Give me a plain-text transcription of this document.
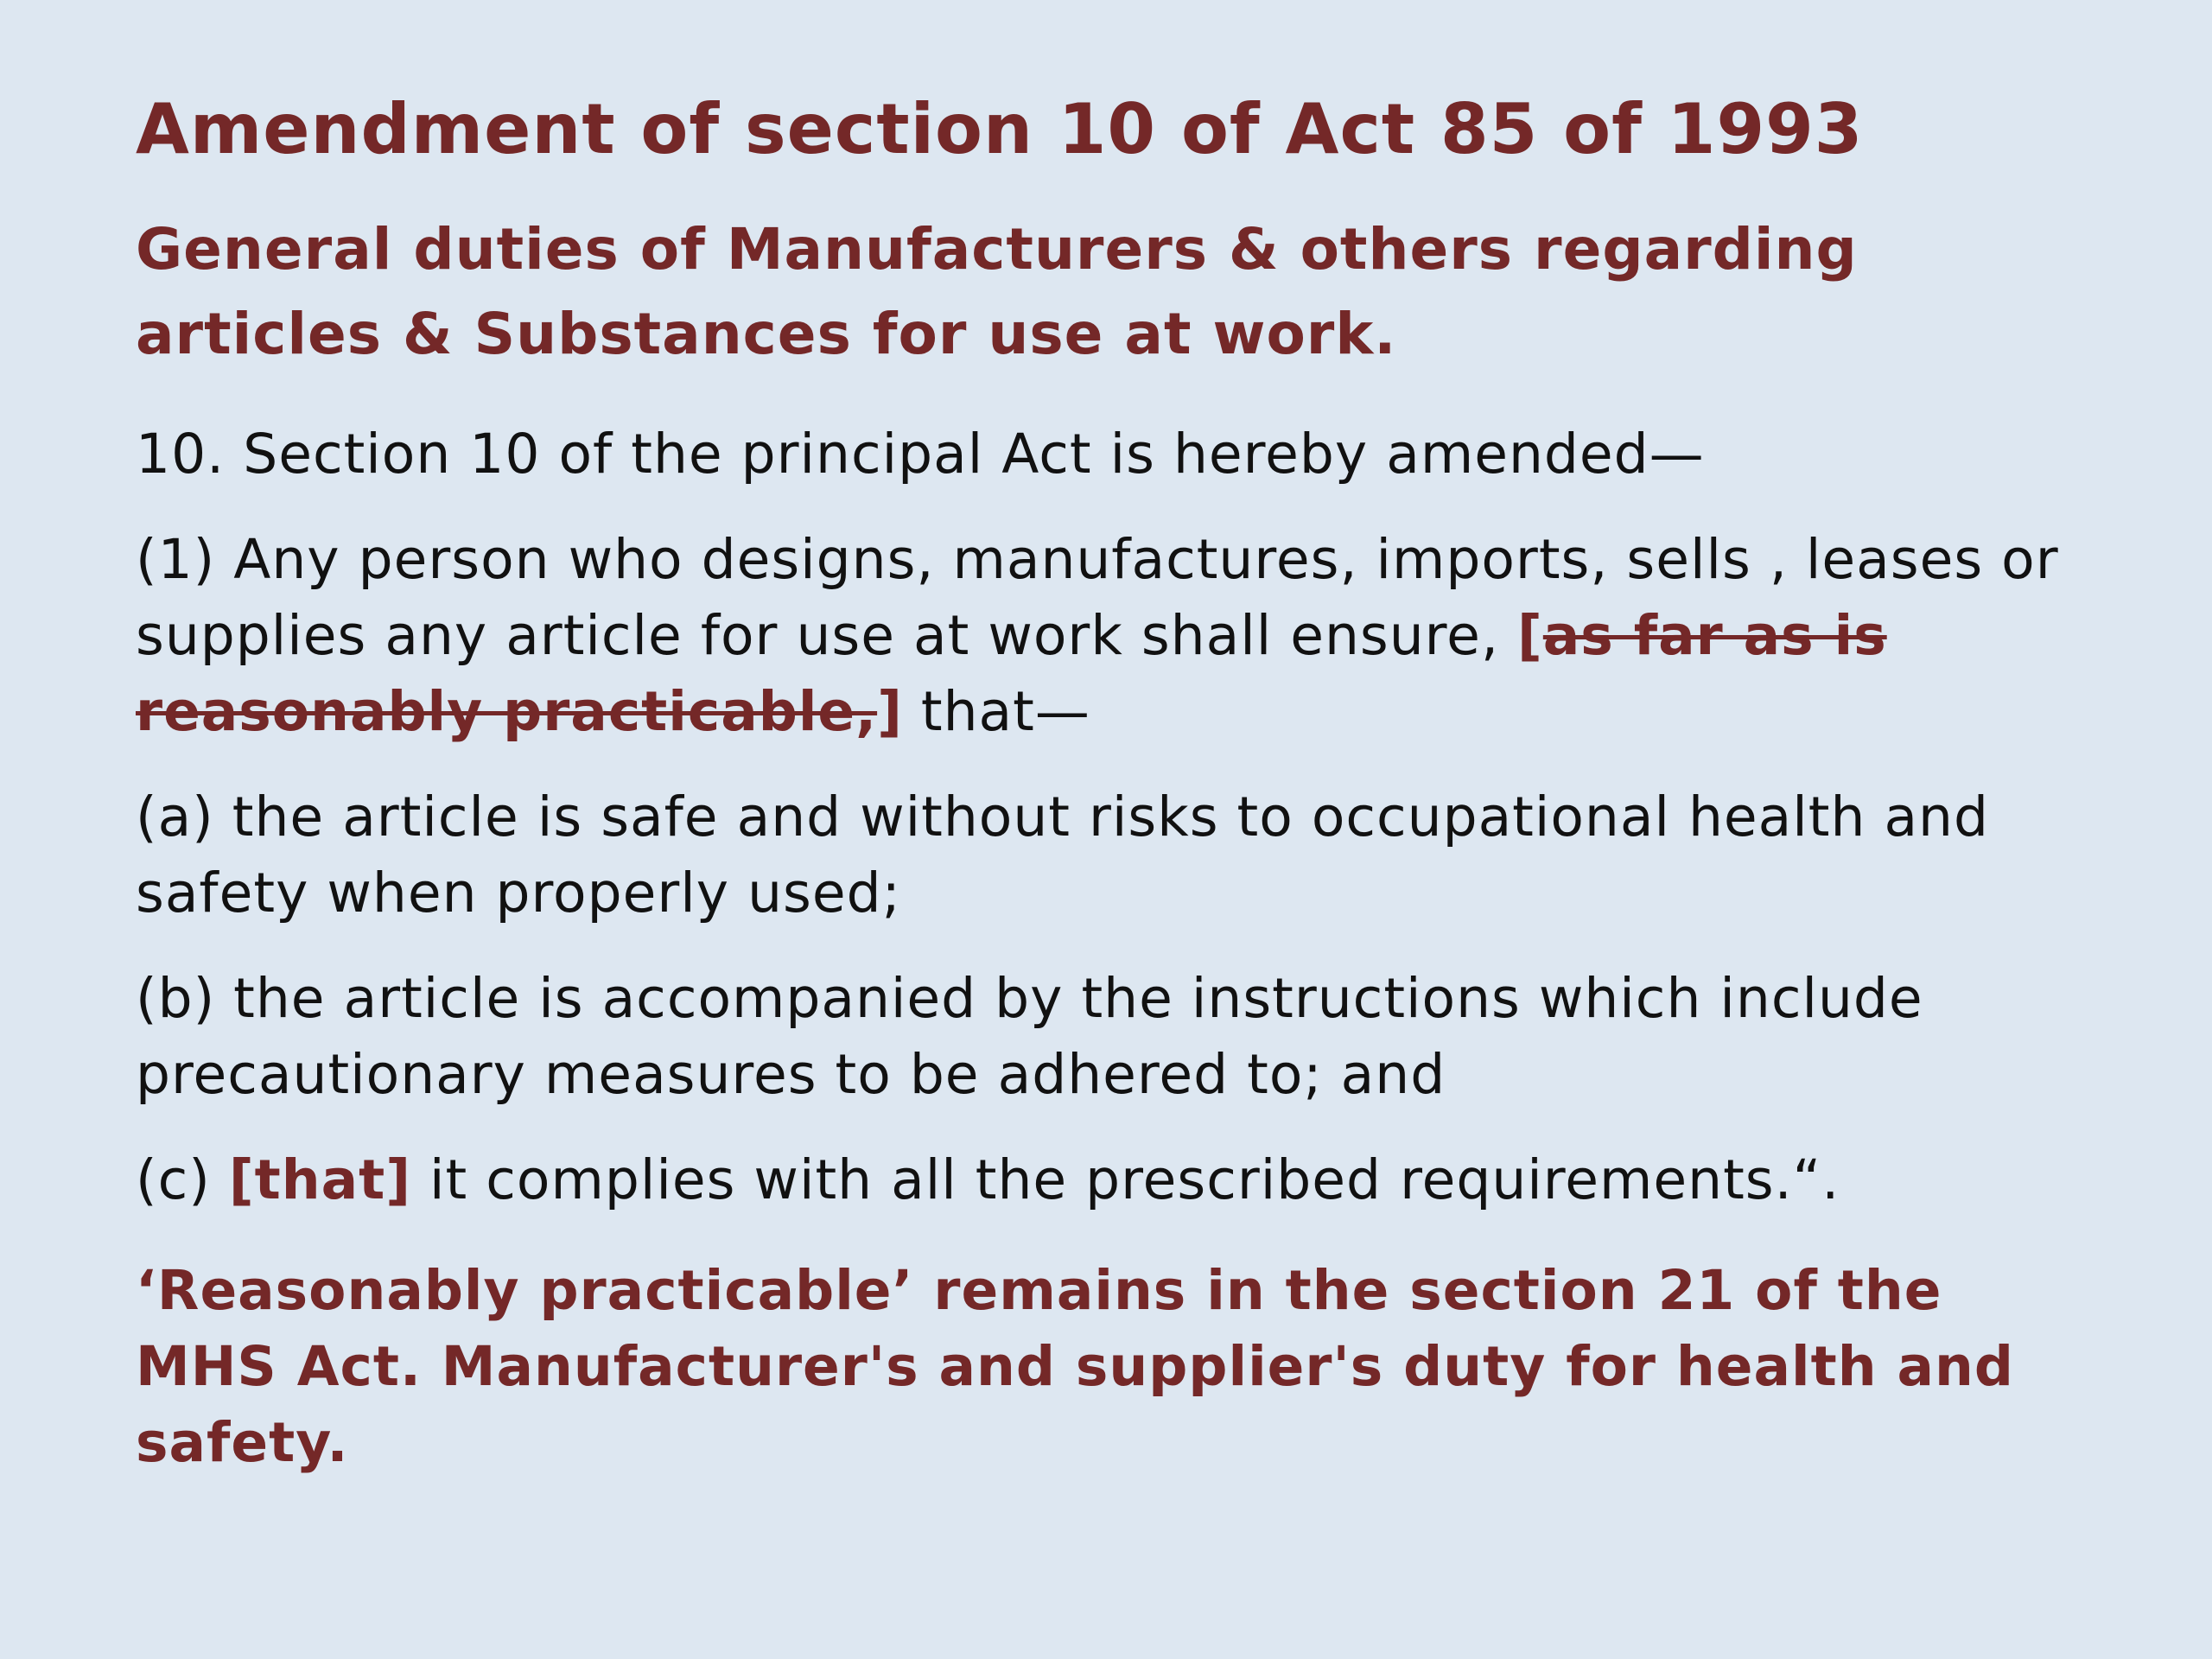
Amendment of section 10 of Act 85 of 1993
General duties of Manufacturers & others regarding articles & Substances for use at work.

10. Section 10 of the principal Act is hereby amended—

(1) Any person who designs, manufactures, imports, sells , leases or supplies any article for use at work shall ensure, [as far as is reasonably practicable,] that—

(a) the article is safe and without risks to occupational health and safety when properly used;

(b) the article is accompanied by the instructions which include precautionary measures to be adhered to; and

(c) [that] it complies with all the prescribed requirements.“.

‘Reasonably practicable’ remains in the section 21 of the MHS Act. Manufacturer's and supplier's duty for health and safety.
